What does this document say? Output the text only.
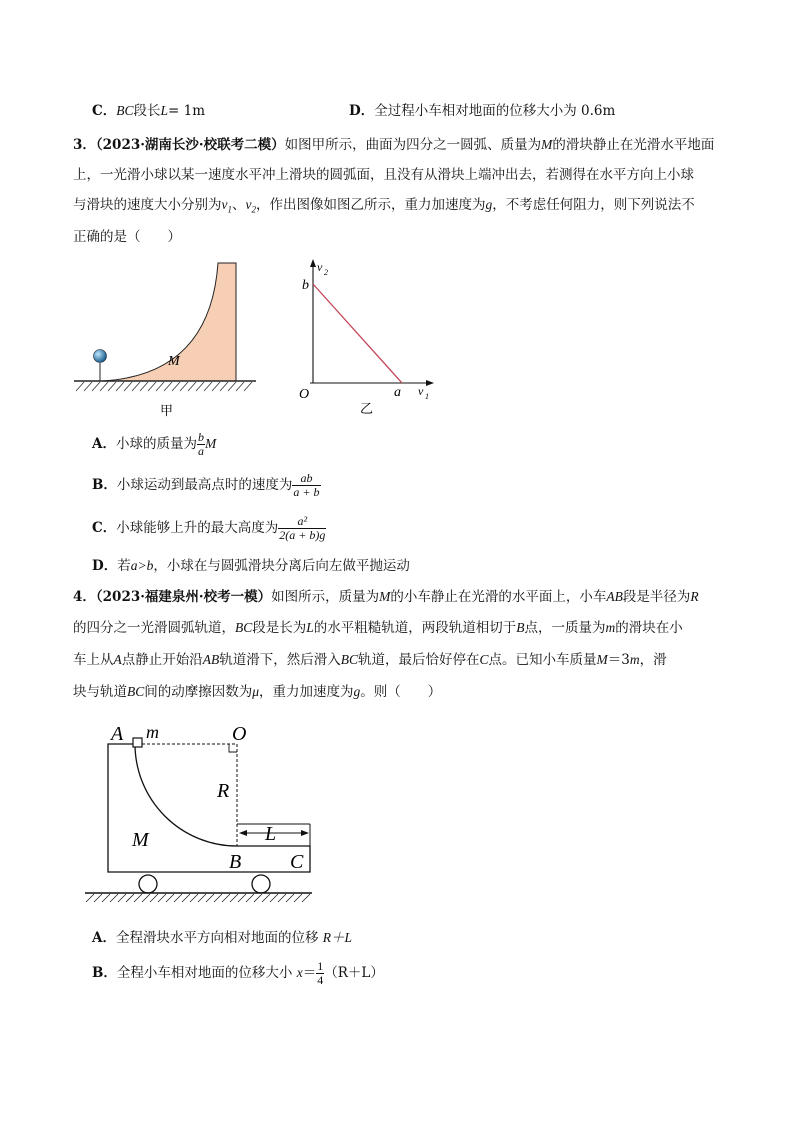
C．BC段长L= 1m	D．全过程小车相对地面的位移大小为 0.6m
3．（2023·湖南长沙·校联考二模）如图甲所示，曲面为四分之一圆弧、质量为M的滑块静止在光滑水平地面
上，一光滑小球以某一速度水平冲上滑块的圆弧面，且没有从滑块上端冲出去，若测得在水平方向上小球
与滑块的速度大小分别为$v_1$、$v_2$，作出图像如图乙所示，重力加速度为g，不考虑任何阻力，则下列说法不
正确的是（　　）
M
甲
v 2
v 1
b
a
O
乙
A．小球的质量为 $\frac{b}{a}$ M
B．小球运动到最高点时的速度为 $\frac{ab}{a + b}$
C．小球能够上升的最大高度为 $\frac{\text{a²}}{2(a + b)g}$
D．若a>b，小球在与圆弧滑块分离后向左做平抛运动
4．（2023·福建泉州·校考一模）如图所示，质量为M的小车静止在光滑的水平面上，小车AB段是半径为R
的四分之一光滑圆弧轨道，BC段是长为L的水平粗糙轨道，两段轨道相切于B点，一质量为m的滑块在小
车上从A点静止开始沿AB轨道滑下，然后滑入BC轨道，最后恰好停在C点。已知小车质量M＝3m，滑
块与轨道BC间的动摩擦因数为μ，重力加速度为g。则（　　）
A m	O
R
M	L
B C
A．全程滑块水平方向相对地面的位移 R＋L
B．全程小车相对地面的位移大小 $x= \frac{1}{4} (R+L)$
